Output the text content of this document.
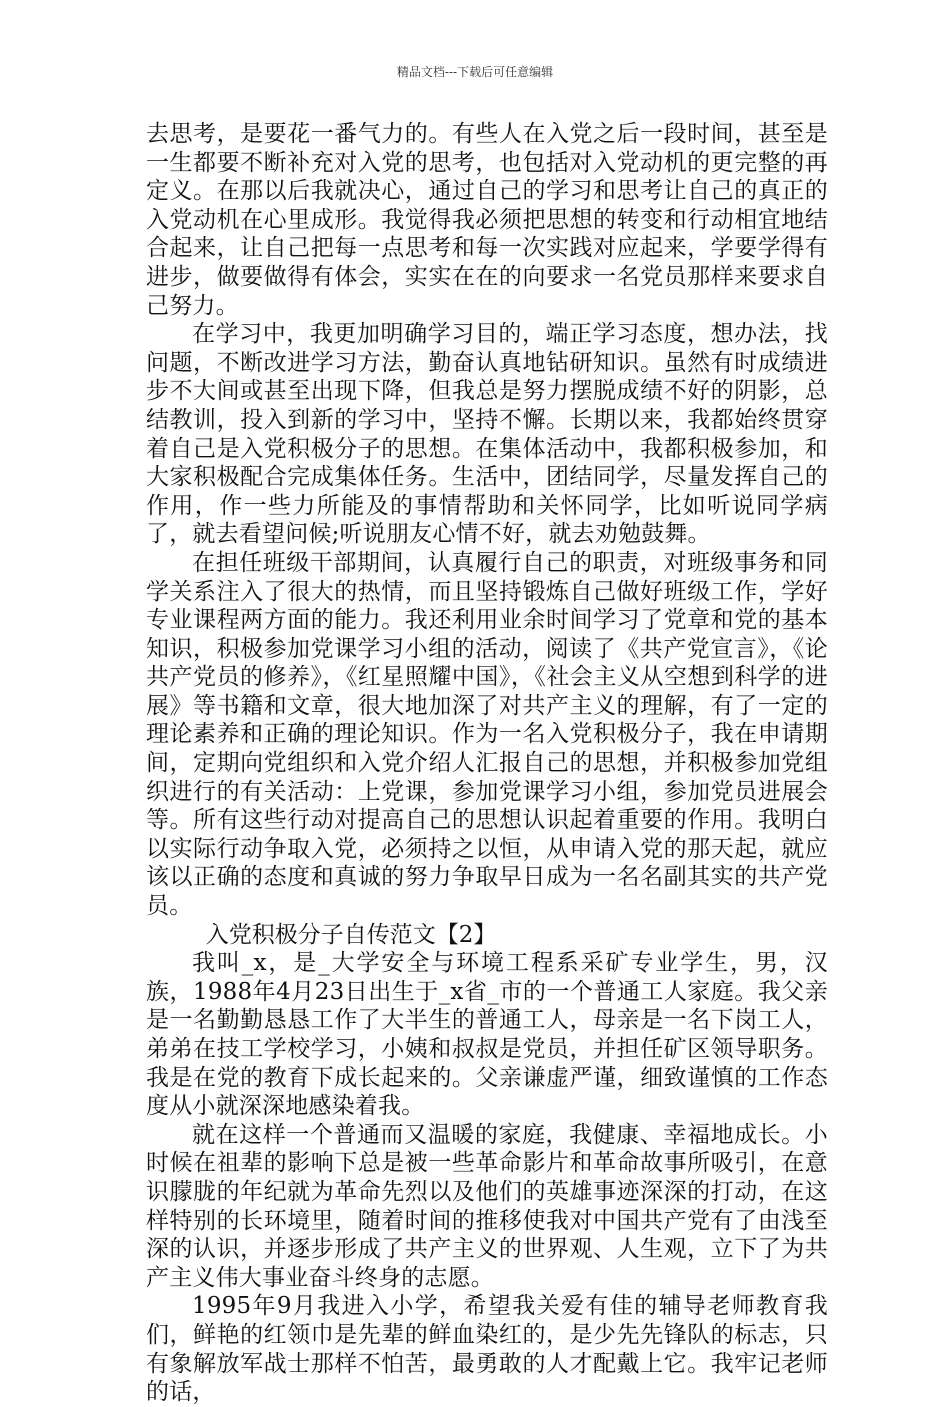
精品文档---下载后可任意编辑

去思考，是要花一番气力的。有些人在入党之后一段时间，甚至是一生都要不断补充对入党的思考，也包括对入党动机的更完整的再定义。在那以后我就决心，通过自己的学习和思考让自己的真正的入党动机在心里成形。我觉得我必须把思想的转变和行动相宜地结合起来，让自己把每一点思考和每一次实践对应起来，学要学得有进步，做要做得有体会，实实在在的向要求一名党员那样来要求自己努力。

在学习中，我更加明确学习目的，端正学习态度，想办法，找问题，不断改进学习方法，勤奋认真地钻研知识。虽然有时成绩进步不大间或甚至出现下降，但我总是努力摆脱成绩不好的阴影，总结教训，投入到新的学习中，坚持不懈。长期以来，我都始终贯穿着自己是入党积极分子的思想。在集体活动中，我都积极参加，和大家积极配合完成集体任务。生活中，团结同学，尽量发挥自己的作用，作一些力所能及的事情帮助和关怀同学，比如听说同学病了，就去看望问候;听说朋友心情不好，就去劝勉鼓舞。

在担任班级干部期间，认真履行自己的职责，对班级事务和同学关系注入了很大的热情，而且坚持锻炼自己做好班级工作，学好专业课程两方面的能力。我还利用业余时间学习了党章和党的基本知识，积极参加党课学习小组的活动，阅读了《共产党宣言》，《论共产党员的修养》，《红星照耀中国》，《社会主义从空想到科学的进展》等书籍和文章，很大地加深了对共产主义的理解，有了一定的理论素养和正确的理论知识。作为一名入党积极分子，我在申请期间，定期向党组织和入党介绍人汇报自己的思想，并积极参加党组织进行的有关活动：上党课，参加党课学习小组，参加党员进展会等。所有这些行动对提高自己的思想认识起着重要的作用。我明白以实际行动争取入党，必须持之以恒，从申请入党的那天起，就应该以正确的态度和真诚的努力争取早日成为一名名副其实的共产党员。

入党积极分子自传范文【2】

我叫_x，是_大学安全与环境工程系采矿专业学生，男，汉族，1988年4月23日出生于_x省_市的一个普通工人家庭。我父亲是一名勤勤恳恳工作了大半生的普通工人，母亲是一名下岗工人，弟弟在技工学校学习，小姨和叔叔是党员，并担任矿区领导职务。我是在党的教育下成长起来的。父亲谦虚严谨，细致谨慎的工作态度从小就深深地感染着我。

就在这样一个普通而又温暖的家庭，我健康、幸福地成长。小时候在祖辈的影响下总是被一些革命影片和革命故事所吸引，在意识朦胧的年纪就为革命先烈以及他们的英雄事迹深深的打动，在这样特别的长环境里，随着时间的推移使我对中国共产党有了由浅至深的认识，并逐步形成了共产主义的世界观、人生观，立下了为共产主义伟大事业奋斗终身的志愿。

1995年9月我进入小学，希望我关爱有佳的辅导老师教育我们，鲜艳的红领巾是先辈的鲜血染红的，是少先先锋队的标志，只有象解放军战士那样不怕苦，最勇敢的人才配戴上它。我牢记老师的话，
